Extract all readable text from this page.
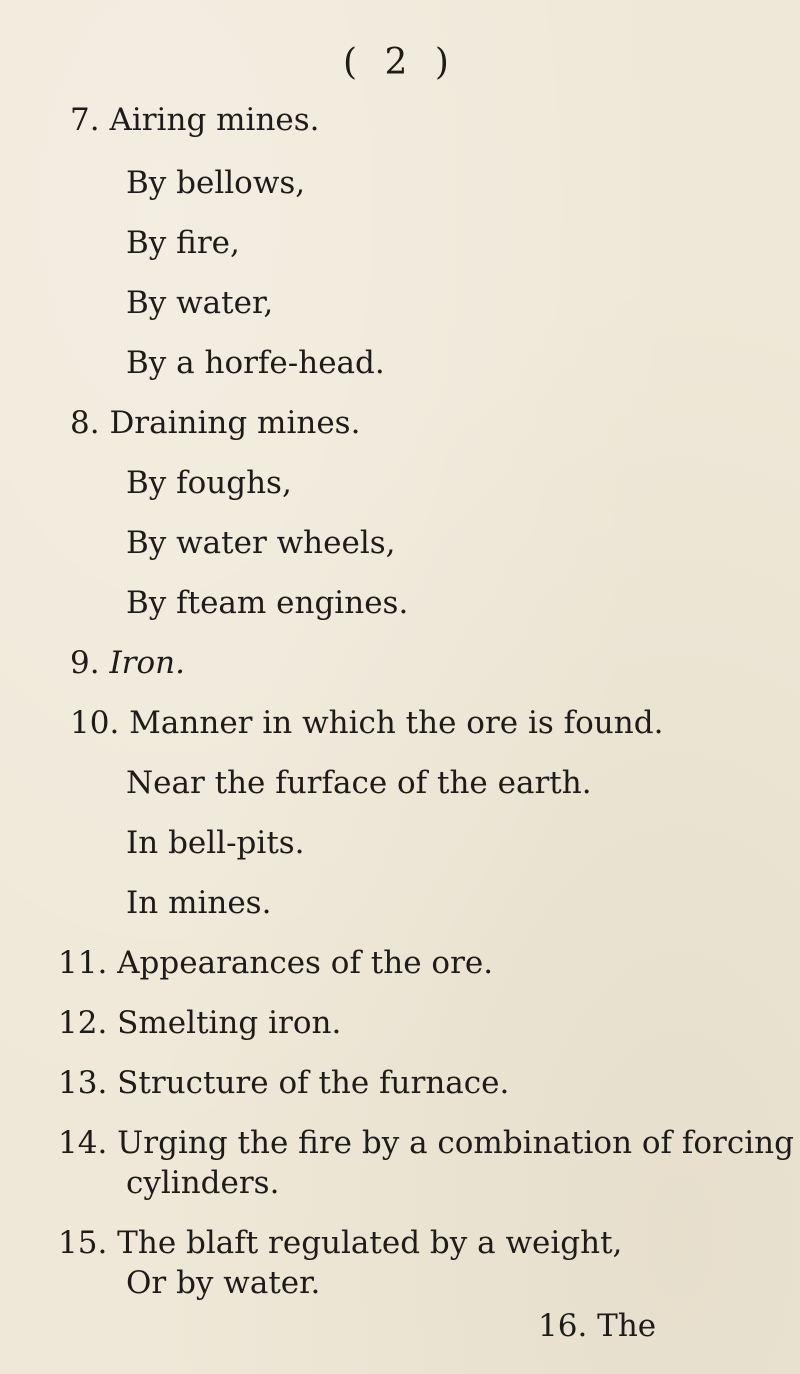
( 2 )
7. Airing mines.
By bellows,
By fire,
By water,
By a horfe-head.
8. Draining mines.
By foughs,
By water wheels,
By fteam engines.
9. Iron.
10. Manner in which the ore is found.
Near the furface of the earth.
In bell-pits.
In mines.
11. Appearances of the ore.
12. Smelting iron.
13. Structure of the furnace.
14. Urging the fire by a combination of forcing
cylinders.
15. The blaft regulated by a weight,
Or by water.
16. The
